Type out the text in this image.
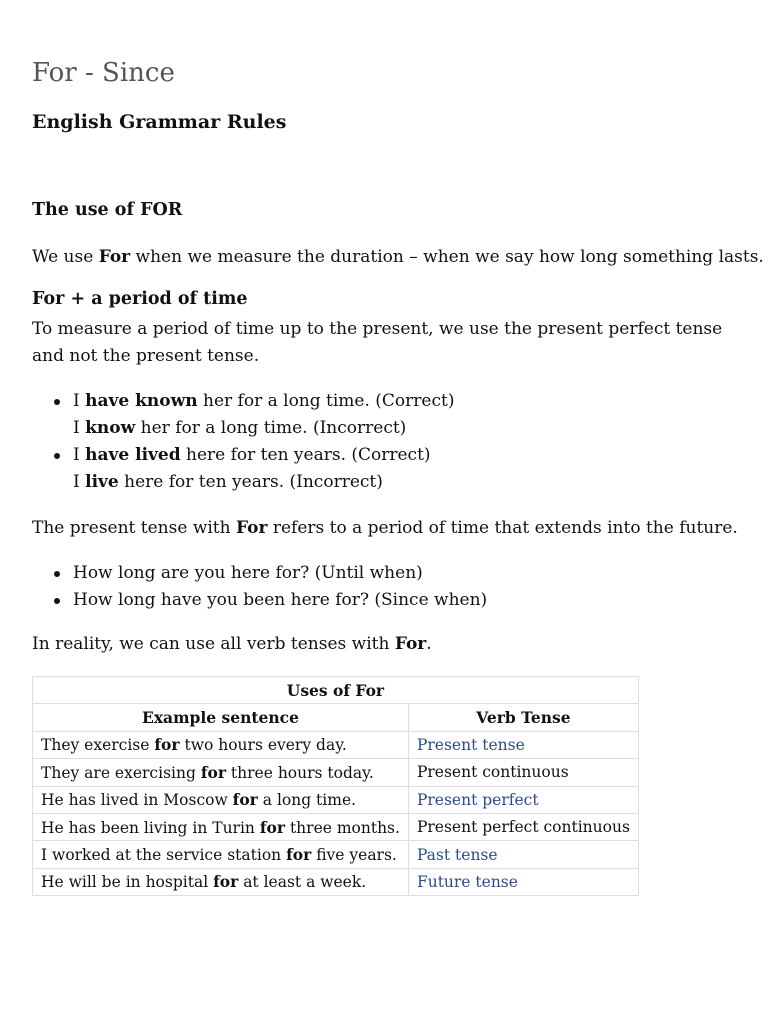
For - Since
English Grammar Rules
The use of FOR

We use For when we measure the duration – when we say how long something lasts.

For + a period of time

To measure a period of time up to the present, we use the present perfect tense and not the present tense.

I have known her for a long time. (Correct)
I know her for a long time. (Incorrect)
I have lived here for ten years. (Correct)
I live here for ten years. (Incorrect)

The present tense with For refers to a period of time that extends into the future.

How long are you here for? (Until when)
How long have you been here for? (Since when)

In reality, we can use all verb tenses with For.

Uses of For	
Example sentence	Verb Tense
They exercise for two hours every day.	Present tense
They are exercising for three hours today.	Present continuous
He has lived in Moscow for a long time.	Present perfect
He has been living in Turin for three months.	Present perfect continuous
I worked at the service station for five years.	Past tense
He will be in hospital for at least a week.	Future tense
